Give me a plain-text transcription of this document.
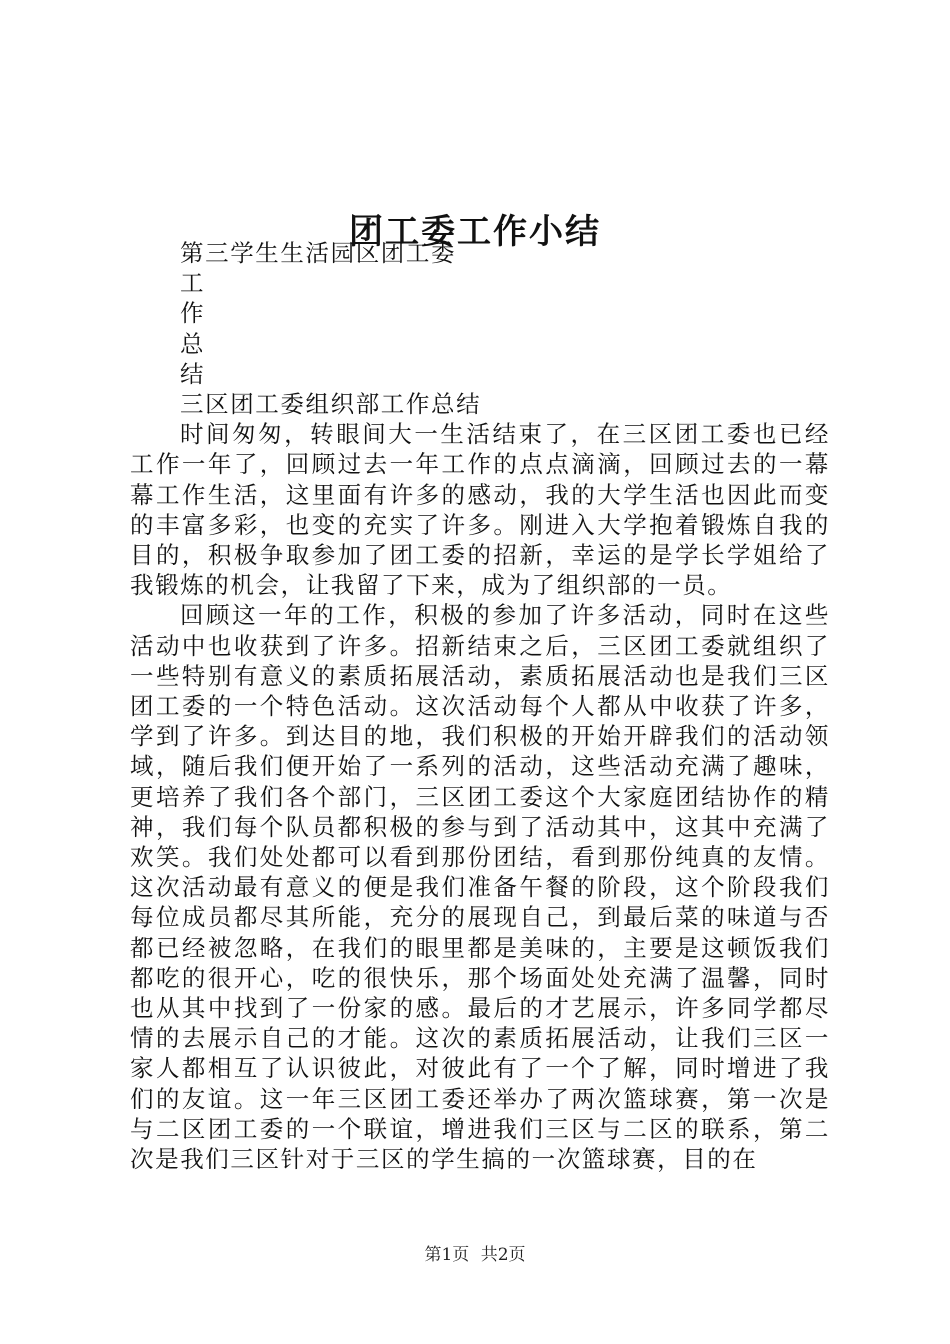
团工委工作小结

第三学生生活园区团工委

工

作

总

结

三区团工委组织部工作总结

时间匆匆，转眼间大一生活结束了，在三区团工委也已经工作一年了，回顾过去一年工作的点点滴滴，回顾过去的一幕幕工作生活，这里面有许多的感动，我的大学生活也因此而变的丰富多彩，也变的充实了许多。刚进入大学抱着锻炼自我的目的，积极争取参加了团工委的招新，幸运的是学长学姐给了我锻炼的机会，让我留了下来，成为了组织部的一员。

回顾这一年的工作，积极的参加了许多活动，同时在这些活动中也收获到了许多。招新结束之后，三区团工委就组织了一些特别有意义的素质拓展活动，素质拓展活动也是我们三区团工委的一个特色活动。这次活动每个人都从中收获了许多，学到了许多。到达目的地，我们积极的开始开辟我们的活动领域，随后我们便开始了一系列的活动，这些活动充满了趣味，更培养了我们各个部门，三区团工委这个大家庭团结协作的精神，我们每个队员都积极的参与到了活动其中，这其中充满了欢笑。我们处处都可以看到那份团结，看到那份纯真的友情。这次活动最有意义的便是我们准备午餐的阶段，这个阶段我们每位成员都尽其所能，充分的展现自己，到最后菜的味道与否都已经被忽略，在我们的眼里都是美味的，主要是这顿饭我们都吃的很开心，吃的很快乐，那个场面处处充满了温馨，同时也从其中找到了一份家的感。最后的才艺展示，许多同学都尽情的去展示自己的才能。这次的素质拓展活动，让我们三区一家人都相互了认识彼此，对彼此有了一个了解，同时增进了我们的友谊。这一年三区团工委还举办了两次篮球赛，第一次是与二区团工委的一个联谊，增进我们三区与二区的联系，第二次是我们三区针对于三区的学生搞的一次篮球赛，目的在

第1页 共2页
